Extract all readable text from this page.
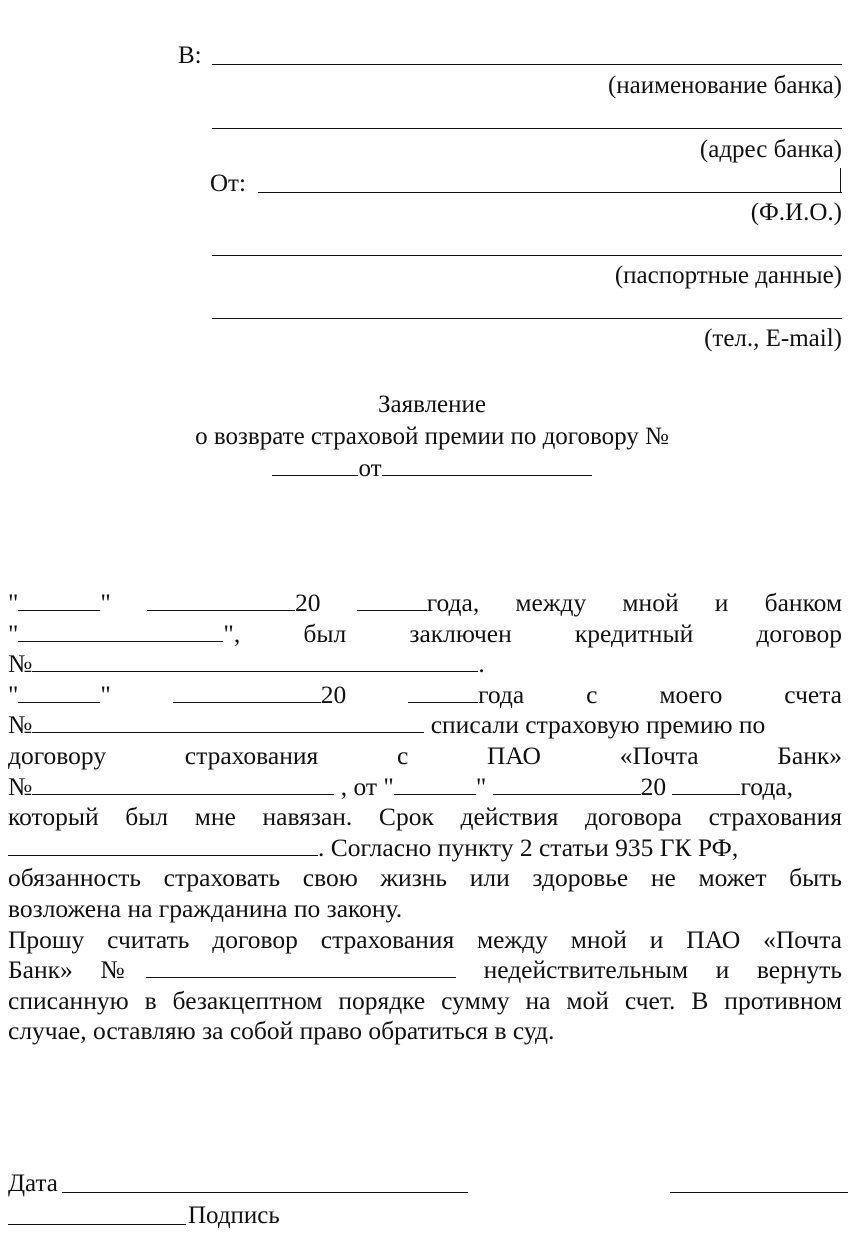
В:
(наименование банка)
(адрес банка)
От:
(Ф.И.О.)
(паспортные данные)
(тел., E-mail)
Заявление
о возврате страховой премии по договору №
от
"	"	20	года, между мной и банком
"	", был заключен кредитный договор
№	.
"	"	20	года с моего счета
№	списали страховую премию по
договору	страхования	с	ПАО	«Почта	Банк»
№	, от "	"	20	года,
который был мне навязан. Срок действия договора страхования
. Согласно пункту 2 статьи 935 ГК РФ,
обязанность страховать свою жизнь или здоровье не может быть
возложена на гражданина по закону.
Прошу считать договор страхования между мной и ПАО «Почта
Банк» №	недействительным и вернуть
списанную в безакцептном порядке сумму на мой счет. В противном
случае, оставляю за собой право обратиться в суд.
Дата
Подпись
